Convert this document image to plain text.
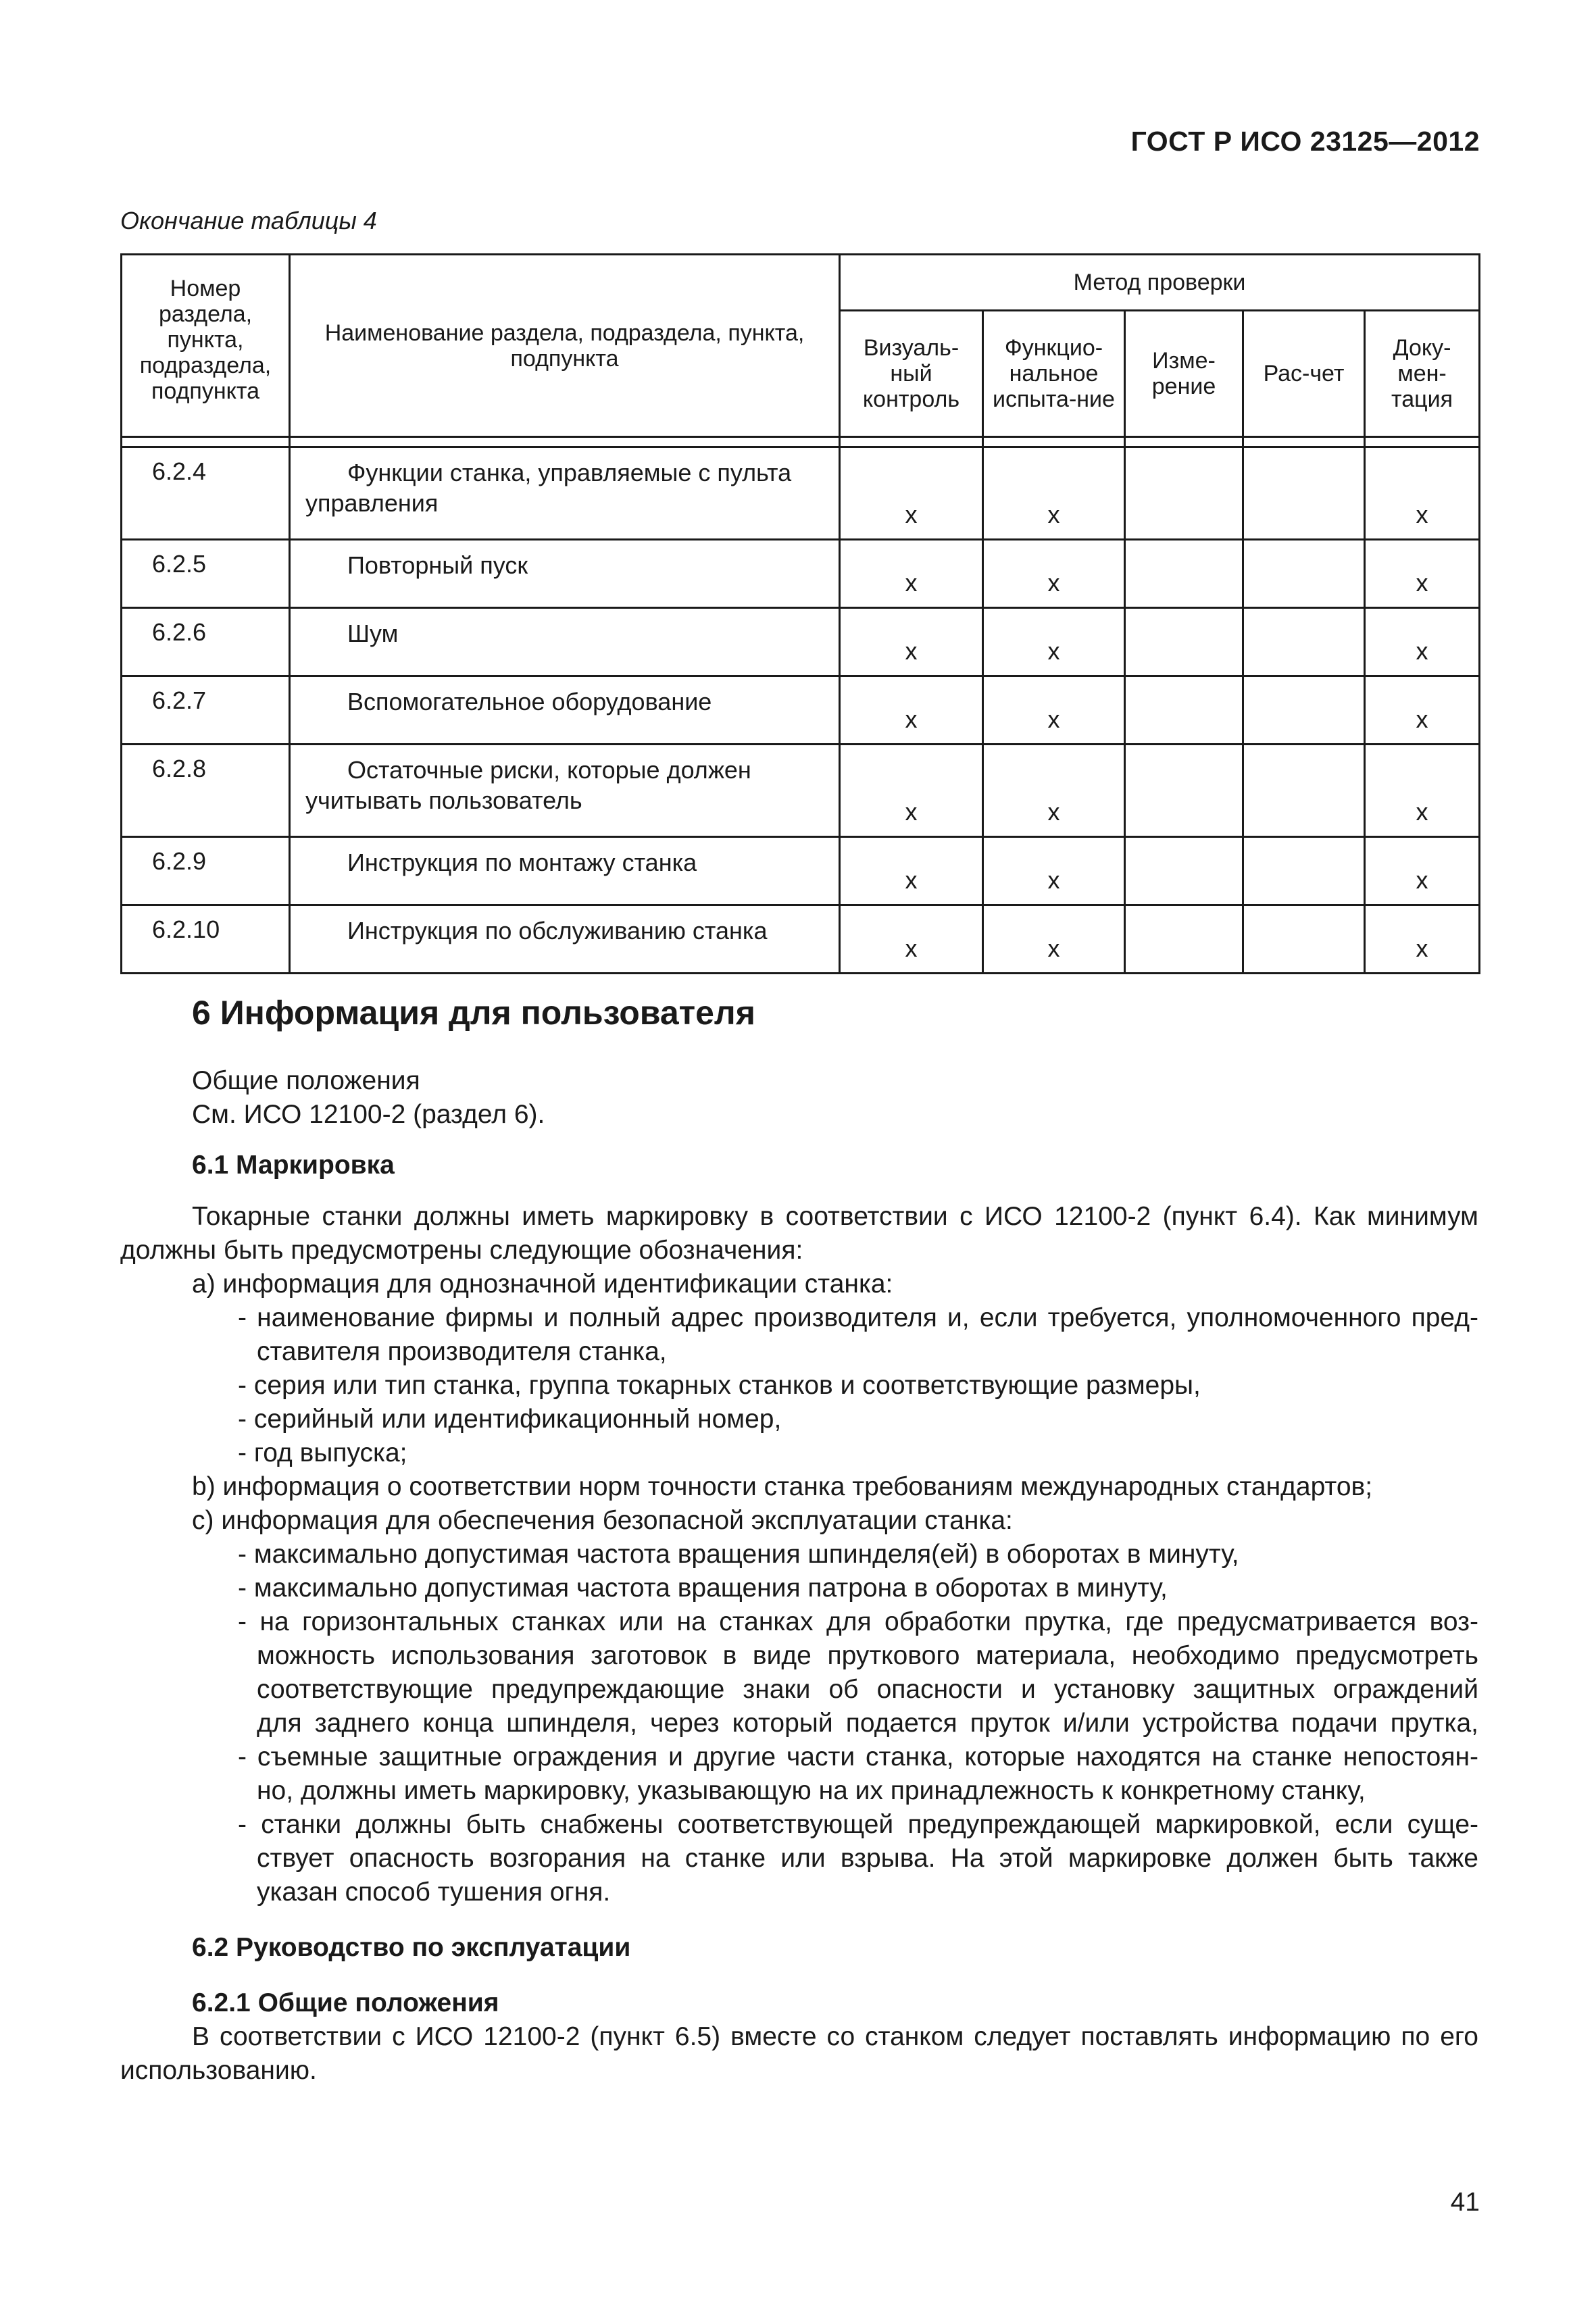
ГОСТ Р ИСО 23125—2012
Окончание таблицы 4
Номер раздела, пункта, подраздела, подпункта	Наименование раздела, подраздела, пункта, подпункта	Метод проверки				
		Визуаль-ный контроль	Функцио-нальное испыта-ние	Изме-рение	Рас-чет	Доку-мен-тация

6.2.4	Функции станка, управляемые с пульта
управления	x	x			x
6.2.5	Повторный пуск	x	x			x
6.2.6	Шум	x	x			x
6.2.7	Вспомогательное оборудование	x	x			x
6.2.8	Остаточные риски, которые должен
учитывать пользователь	x	x			x
6.2.9	Инструкция по монтажу станка	x	x			x
6.2.10	Инструкция по обслуживанию станка	x	x			x
6 Информация для пользователя
Общие положения
См. ИСО 12100-2 (раздел 6).
6.1 Маркировка
Токарные станки должны иметь маркировку в соответствии с ИСО 12100-2 (пункт 6.4). Как минимум
должны быть предусмотрены следующие обозначения:
а) информация для однозначной идентификации станка:
- наименование фирмы и полный адрес производителя и, если требуется, уполномоченного пред-
ставителя производителя станка,
- серия или тип станка, группа токарных станков и соответствующие размеры,
- серийный или идентификационный номер,
- год выпуска;
b) информация о соответствии норм точности станка требованиям международных стандартов;
с) информация для обеспечения безопасной эксплуатации станка:
- максимально допустимая частота вращения шпинделя(ей) в оборотах в минуту,
- максимально допустимая частота вращения патрона в оборотах в минуту,
- на горизонтальных станках или на станках для обработки прутка, где предусматривается воз-
можность использования заготовок в виде пруткового материала, необходимо предусмотреть
соответствующие предупреждающие знаки об опасности и установку защитных ограждений
для заднего конца шпинделя, через который подается пруток и/или устройства подачи прутка,
- съемные защитные ограждения и другие части станка, которые находятся на станке непостоян-
но, должны иметь маркировку, указывающую на их принадлежность к конкретному станку,
- станки должны быть снабжены соответствующей предупреждающей маркировкой, если суще-
ствует опасность возгорания на станке или взрыва. На этой маркировке должен быть также
указан способ тушения огня.
6.2 Руководство по эксплуатации
6.2.1 Общие положения
В соответствии с ИСО 12100-2 (пункт 6.5) вместе со станком следует поставлять информацию по его
использованию.
41
